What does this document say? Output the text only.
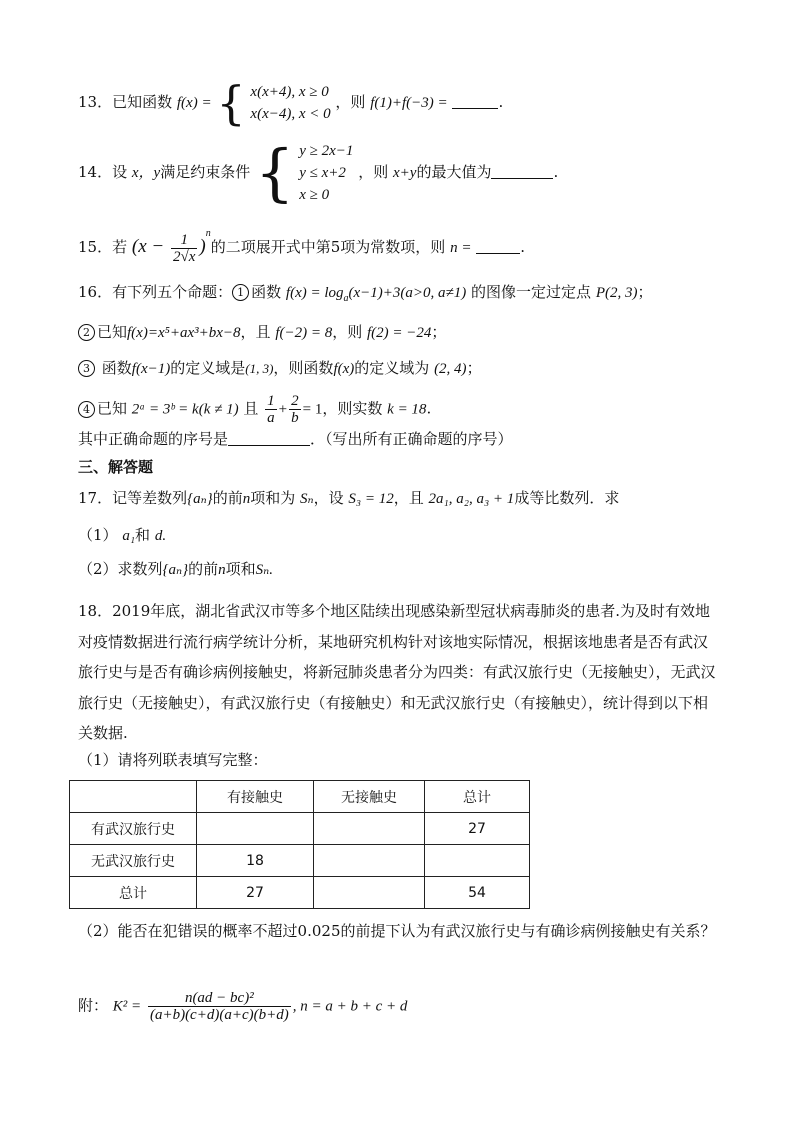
13．已知函数 f(x) = { x(x+4), x ≥ 0
x(x−4), x < 0
，则 f(1)+f(−3) =	.
14．设 x，y满足约束条件 { y ≥ 2x−1
y ≤ x+2
x ≥ 0
，则 x+y的最大值为	.
15．若 $(x - \frac{1}{2√x} )^n$的二项展开式中第5项为常数项，则 n =	.
16．有下列五个命题： 1 函数 $f(x) = \log_a(x-1)+3(a>0$, a≠1) 的图像一定过定点 P(2, 3)；
2 已知f(x)=x⁵+ax³+bx−8，且 f(−2) = 8，则 f(2) = −24；
3 函数f(x−1)的定义域是(1, 3)，则函数f(x)的定义域为 (2, 4)；
4 已知 2ᵃ = 3ᵇ = k(k ≠ 1) 且 $\frac{1}{a} + \frac{2}{b} = 1$，则实数 k = 18.
其中正确命题的序号是	．（写出所有正确命题的序号）
三、解答题
17．记等差数列{aₙ}的前n项和为 Sₙ，设 S₃ = 12，且 2a₁, a₂, a₃ + 1成等比数列．求
（1） a₁和 d.
（2）求数列{aₙ}的前n项和Sₙ.
18．2019年底，湖北省武汉市等多个地区陆续出现感染新型冠状病毒肺炎的患者.为及时有效地对疫情数据进行流行病学统计分析，某地研究机构针对该地实际情况，根据该地患者是否有武汉旅行史与是否有确诊病例接触史，将新冠肺炎患者分为四类：有武汉旅行史（无接触史），无武汉旅行史（无接触史），有武汉旅行史（有接触史）和无武汉旅行史（有接触史），统计得到以下相关数据.
（1）请将列联表填写完整：
	有接触史	无接触史	总计
有武汉旅行史			27
无武汉旅行史	18		
总计	27		54
（2）能否在犯错误的概率不超过0.025的前提下认为有武汉旅行史与有确诊病例接触史有关系？
附： $K^2 = \frac{\text{n(ad − bc)²}}{(a+b)(c+d)(a+c)(b+d)}$ , n = a + b + c + d
